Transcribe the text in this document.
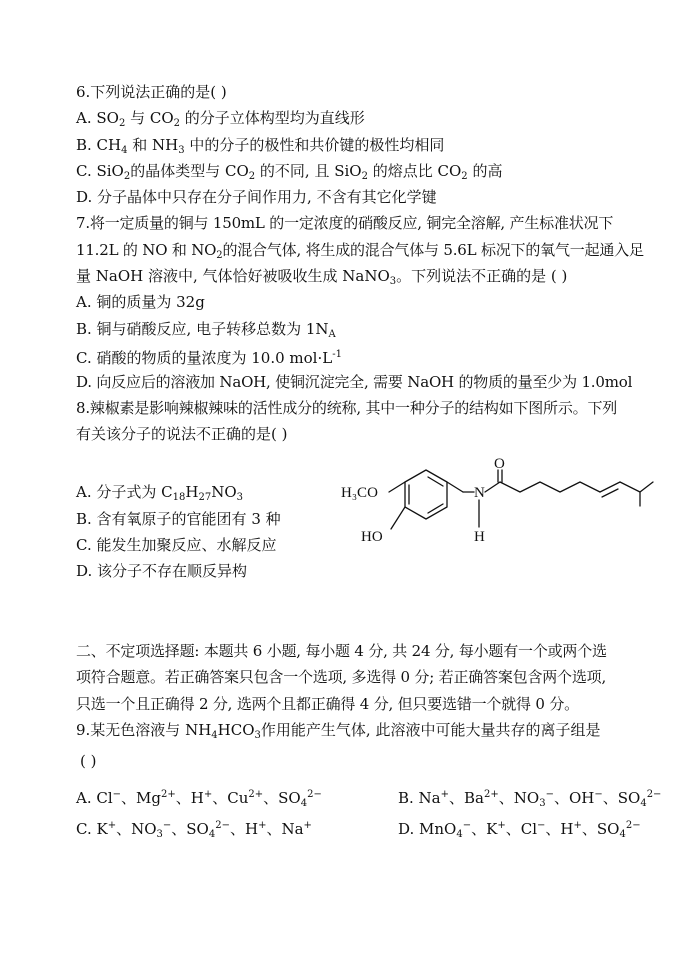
6.下列说法正确的是( )
A. $SO_2$ 与 $CO_2$ 的分子立体构型均为直线形
B. $CH_4$ 和 $NH_3$ 中的分子的极性和共价键的极性均相同
C. SiO$_2$的晶体类型与 $CO_2$ 的不同, 且 SiO$_2$ 的熔点比 $CO_2$ 的高
D. 分子晶体中只存在分子间作用力, 不含有其它化学键
7.将一定质量的铜与 150mL 的一定浓度的硝酸反应, 铜完全溶解, 产生标准状况下
11.2L 的 NO 和 $NO_2$的混合气体, 将生成的混合气体与 5.6L 标况下的氧气一起通入足
量 NaOH 溶液中, 气体恰好被吸收生成 NaNO$_3$。下列说法不正确的是 ( )
A. 铜的质量为 32g
B. 铜与硝酸反应, 电子转移总数为 $1N_A$
C. 硝酸的物质的量浓度为 10.0 $mol\cdot L^{-1}$
D. 向反应后的溶液加 NaOH, 使铜沉淀完全, 需要 NaOH 的物质的量至少为 1.0mol
8.辣椒素是影响辣椒辣味的活性成分的统称, 其中一种分子的结构如下图所示。下列
有关该分子的说法不正确的是( )
A. 分子式为 $C_{18}H_{27}NO_3$
B. 含有氧原子的官能团有 3 种
C. 能发生加聚反应、水解反应
D. 该分子不存在顺反异构
H₃CO
HO
N
H
O
二、不定项选择题: 本题共 6 小题, 每小题 4 分, 共 24 分, 每小题有一个或两个选
项符合题意。若正确答案只包含一个选项, 多选得 0 分; 若正确答案包含两个选项,
只选一个且正确得 2 分, 选两个且都正确得 4 分, 但只要选错一个就得 0 分。
9.某无色溶液与 $NH_4HCO_3$作用能产生气体, 此溶液中可能大量共存的离子组是
( )
A. Cl−、$Mg^{2+}$、H+、$Cu^{2+}$、$SO_4^{2-}$	B. Na+、$Ba^{2+}$、$NO_3^-$、OH−、$SO_4^{2-}$
C. K+、$NO_3^-$、$SO_4^{2-}$、H+、Na+	D. MnO$_4$−、K+、Cl−、H+、$SO_4^{2-}$
